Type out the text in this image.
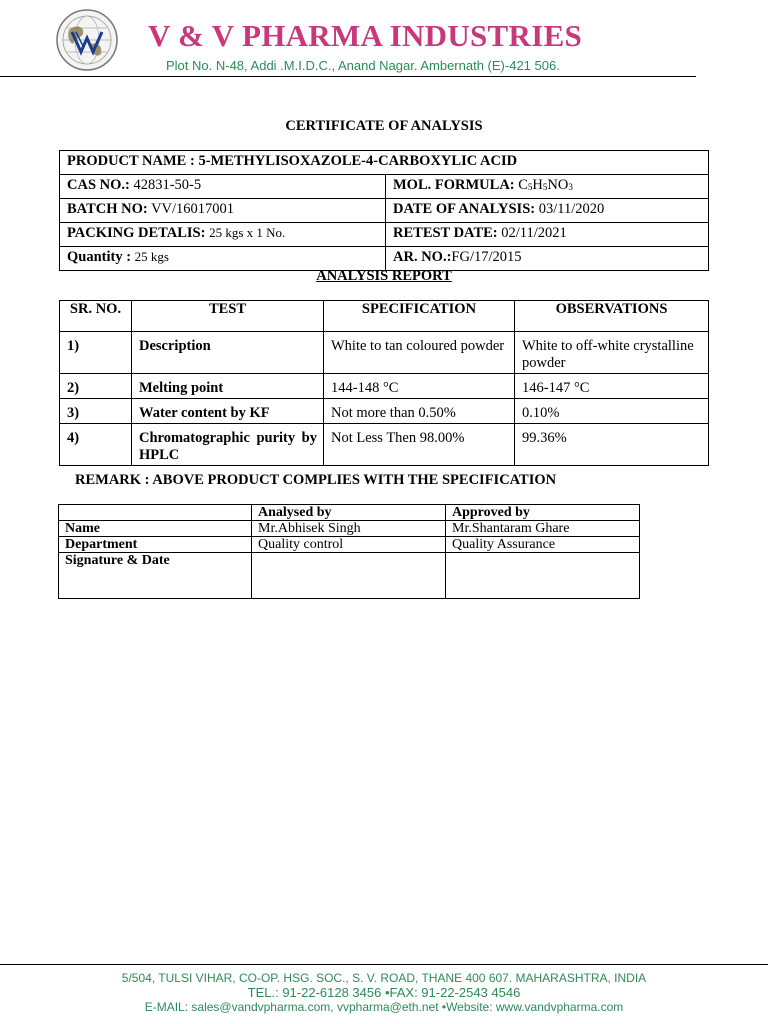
V & V PHARMA INDUSTRIES
Plot No. N-48, Addi .M.I.D.C., Anand Nagar. Ambernath (E)-421 506.
CERTIFICATE OF ANALYSIS
PRODUCT NAME : 5-METHYLISOXAZOLE-4-CARBOXYLIC ACID	
CAS NO.: 42831-50-5	MOL. FORMULA: $C_5H_5NO_3$
BATCH NO: VV/16017001	DATE OF ANALYSIS: 03/11/2020
PACKING DETALIS: 25 kgs x 1 No.	RETEST DATE: 02/11/2021
Quantity : 25 kgs	AR. NO.:FG/17/2015
ANALYSIS REPORT
SR. NO.	TEST	SPECIFICATION	OBSERVATIONS
1)	Description	White to tan coloured powder	White to off-white crystalline powder
2)	Melting point	144-148 °C	146-147 °C
3)	Water content by KF	Not more than 0.50%	0.10%
4)	Chromatographic purity by HPLC	Not Less Then 98.00%	99.36%
REMARK : ABOVE PRODUCT COMPLIES WITH THE SPECIFICATION
	Analysed by	Approved by
Name	Mr.Abhisek Singh	Mr.Shantaram Ghare
Department	Quality control	Quality Assurance
Signature & Date		
5/504, TULSI VIHAR, CO-OP. HSG. SOC., S. V. ROAD, THANE 400 607. MAHARASHTRA, INDIA
TEL.: 91-22-6128 3456 •FAX: 91-22-2543 4546
E-MAIL: sales@vandvpharma.com, vvpharma@eth.net •Website: www.vandvpharma.com
